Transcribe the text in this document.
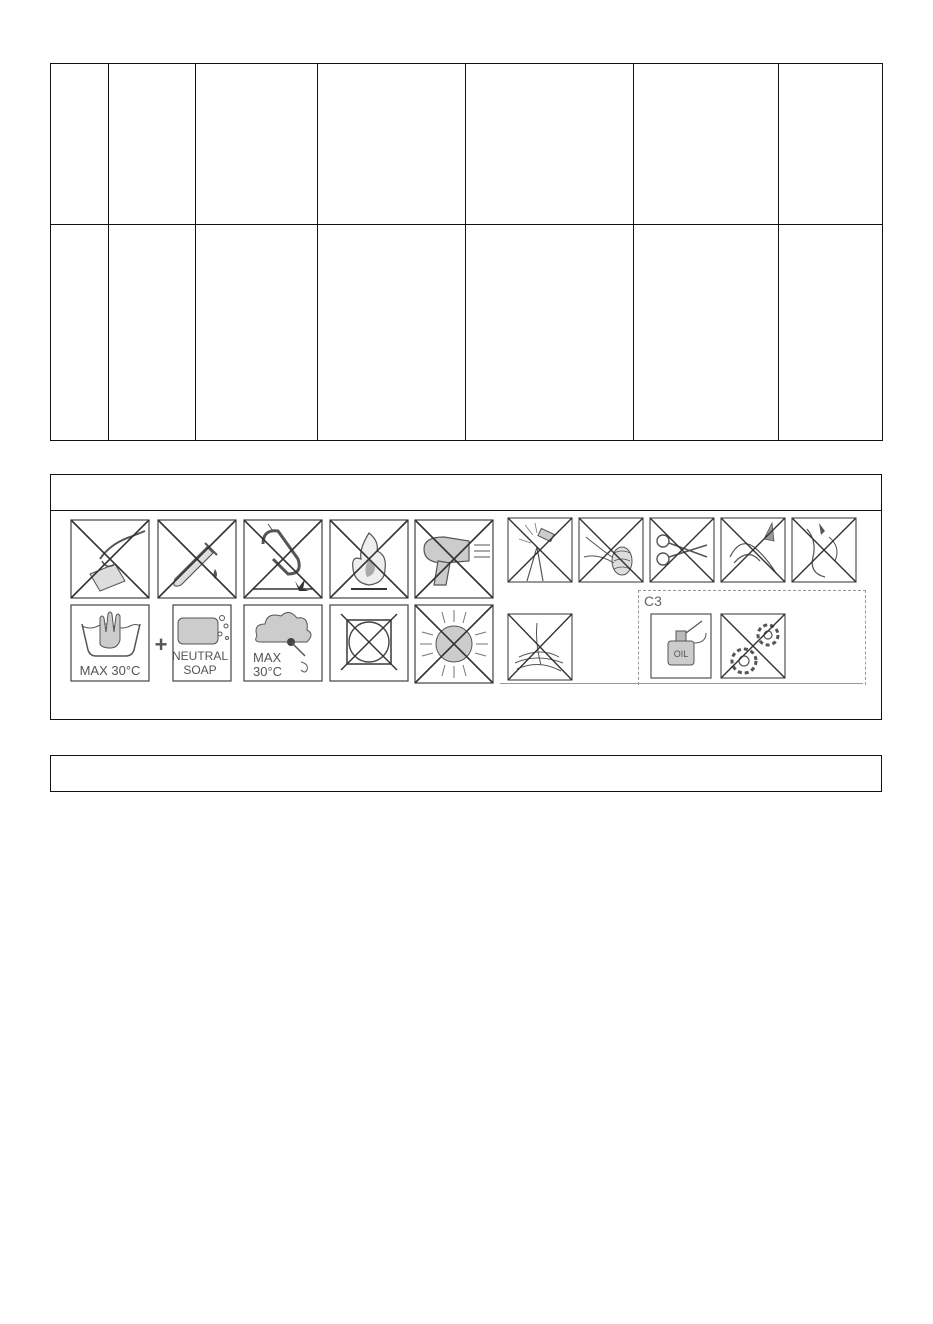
MAX 30°C
+ NEUTRAL
SOAP
MAX
30°C
C3
OIL
